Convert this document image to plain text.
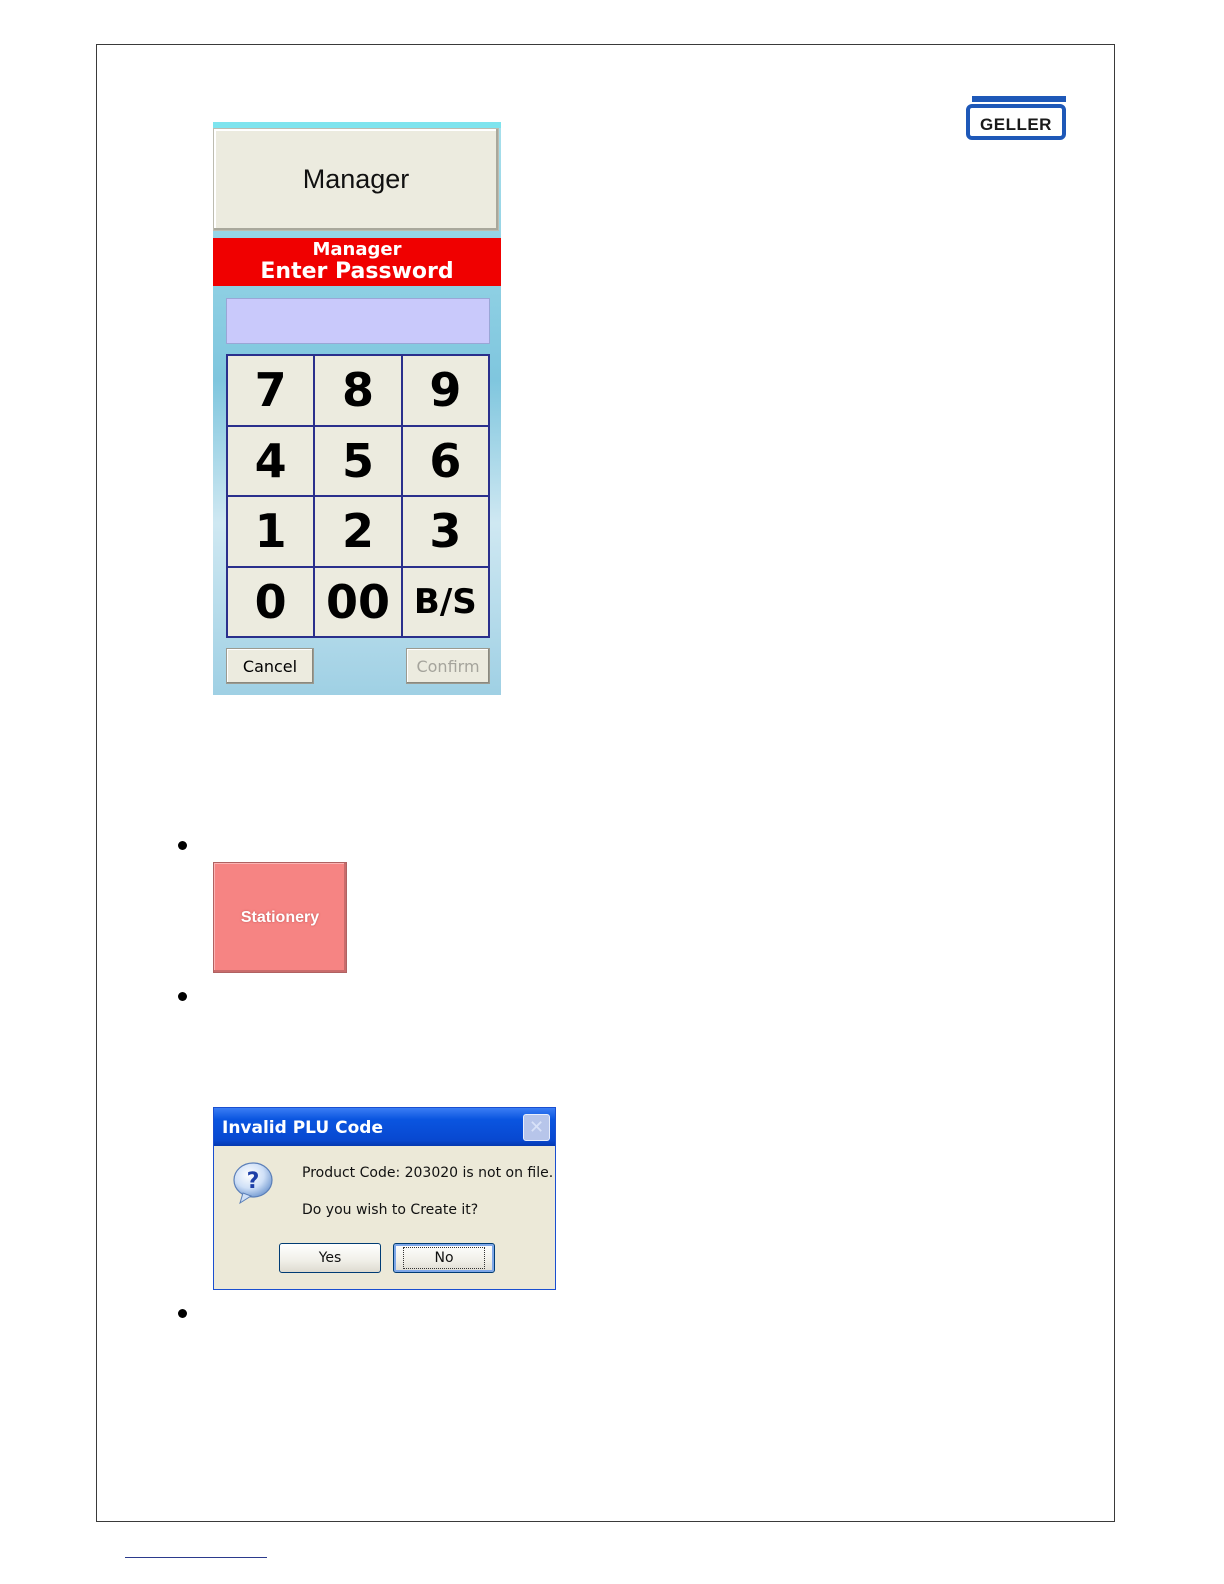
GELLER
Manager
Manager
Enter Password
7	8	9
4	5	6
1	2	3
0 00 B/S
Cancel	Confirm
Stationery
Invalid PLU Code	✕
?	Product Code: 203020 is not on file.
Do you wish to Create it?
Yes	No
